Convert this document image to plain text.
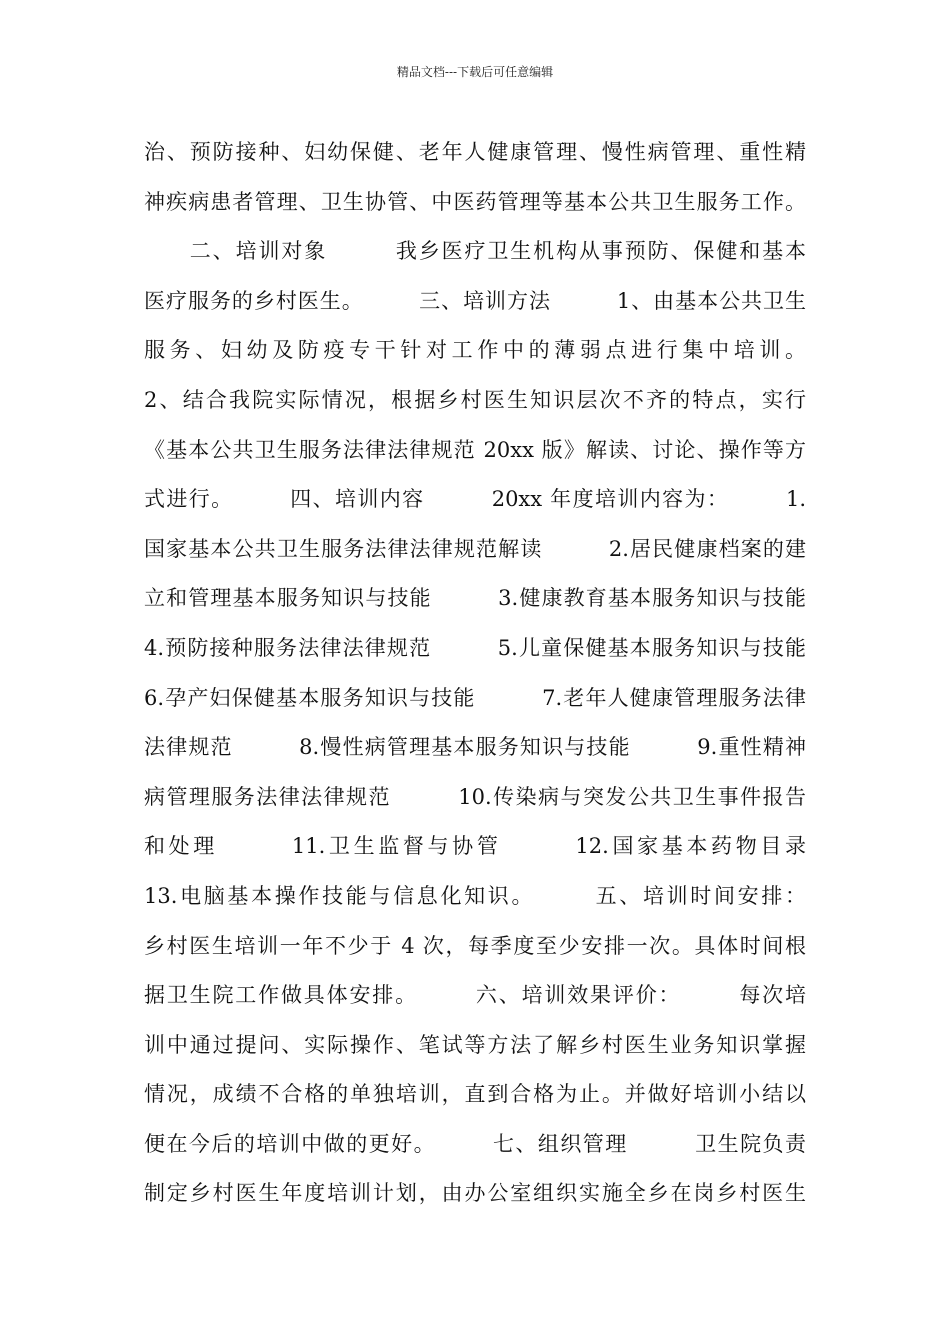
精品文档---下载后可任意编辑
治、预防接种、妇幼保健、老年人健康管理、慢性病管理、重性精
神疾病患者管理、卫生协管、中医药管理等基本公共卫生服务工作。
　　二、培训对象　　　我乡医疗卫生机构从事预防、保健和基本
医疗服务的乡村医生。　　　三、培训方法　　　1、由基本公共卫生
服务、妇幼及防疫专干针对工作中的薄弱点进行集中培训。
2、结合我院实际情况，根据乡村医生知识层次不齐的特点，实行
《基本公共卫生服务法律法律规范 20xx 版》解读、讨论、操作等方
式进行。　　　四、培训内容　　　20xx 年度培训内容为：　　　1.
国家基本公共卫生服务法律法律规范解读　　　2.居民健康档案的建
立和管理基本服务知识与技能　　　3.健康教育基本服务知识与技能
4.预防接种服务法律法律规范　　　5.儿童保健基本服务知识与技能
6.孕产妇保健基本服务知识与技能　　　7.老年人健康管理服务法律
法律规范　　　8.慢性病管理基本服务知识与技能　　　9.重性精神
病管理服务法律法律规范　　　10.传染病与突发公共卫生事件报告
和处理　　　11.卫生监督与协管　　　12.国家基本药物目录
13.电脑基本操作技能与信息化知识。　　　五、培训时间安排：
乡村医生培训一年不少于 4 次，每季度至少安排一次。具体时间根
据卫生院工作做具体安排。　　　六、培训效果评价：　　　每次培
训中通过提问、实际操作、笔试等方法了解乡村医生业务知识掌握
情况，成绩不合格的单独培训，直到合格为止。并做好培训小结以
便在今后的培训中做的更好。　　　七、组织管理　　　卫生院负责
制定乡村医生年度培训计划，由办公室组织实施全乡在岗乡村医生
